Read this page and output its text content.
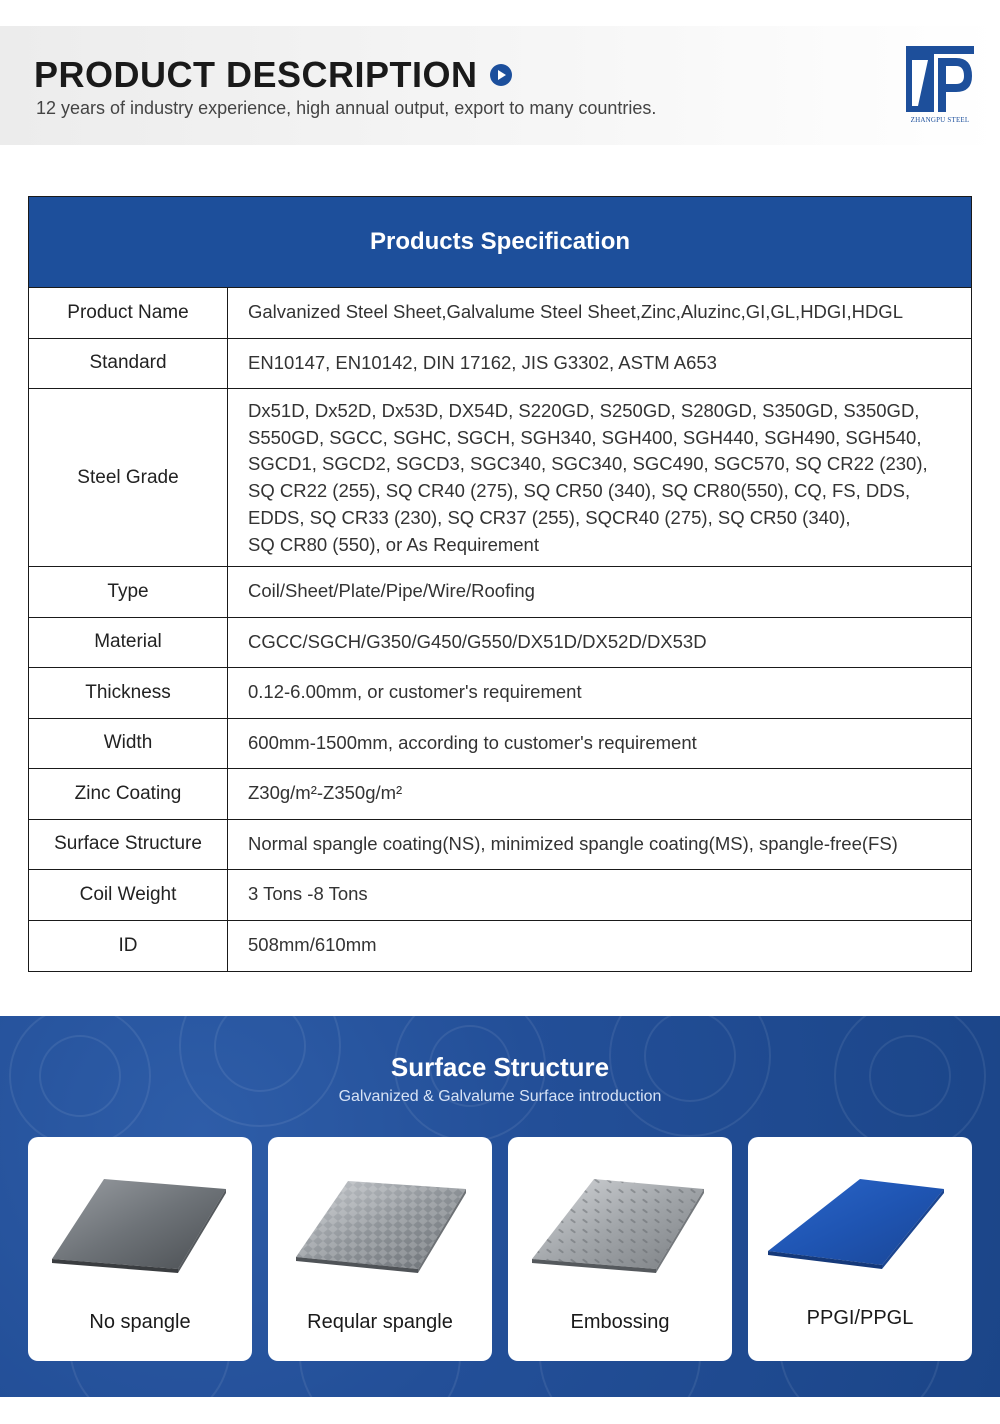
PRODUCT DESCRIPTION
12 years of industry experience, high annual output, export to many countries.
ZHANGPU STEEL
Products Specification
Product Name	Galvanized Steel Sheet,Galvalume Steel Sheet,Zinc,Aluzinc,GI,GL,HDGI,HDGL
Standard	EN10147, EN10142, DIN 17162, JIS G3302, ASTM A653
Steel Grade
Dx51D, Dx52D, Dx53D, DX54D, S220GD, S250GD, S280GD, S350GD, S350GD,
S550GD, SGCC, SGHC, SGCH, SGH340, SGH400, SGH440, SGH490, SGH540,
SGCD1, SGCD2, SGCD3, SGC340, SGC340, SGC490, SGC570, SQ CR22 (230),
SQ CR22 (255), SQ CR40 (275), SQ CR50 (340), SQ CR80(550), CQ, FS, DDS,
EDDS, SQ CR33 (230), SQ CR37 (255), SQCR40 (275), SQ CR50 (340),
SQ CR80 (550), or As Requirement
Type	Coil/Sheet/Plate/Pipe/Wire/Roofing
Material	CGCC/SGCH/G350/G450/G550/DX51D/DX52D/DX53D
Thickness	0.12-6.00mm, or customer's requirement
Width	600mm-1500mm, according to customer's requirement
Zinc Coating	Z30g/m²-Z350g/m²
Surface Structure	Normal spangle coating(NS), minimized spangle coating(MS), spangle-free(FS)
Coil Weight	3 Tons -8 Tons
ID	508mm/610mm
Surface Structure
Galvanized & Galvalume Surface introduction
No spangle	Reqular spangle	Embossing	PPGI/PPGL
